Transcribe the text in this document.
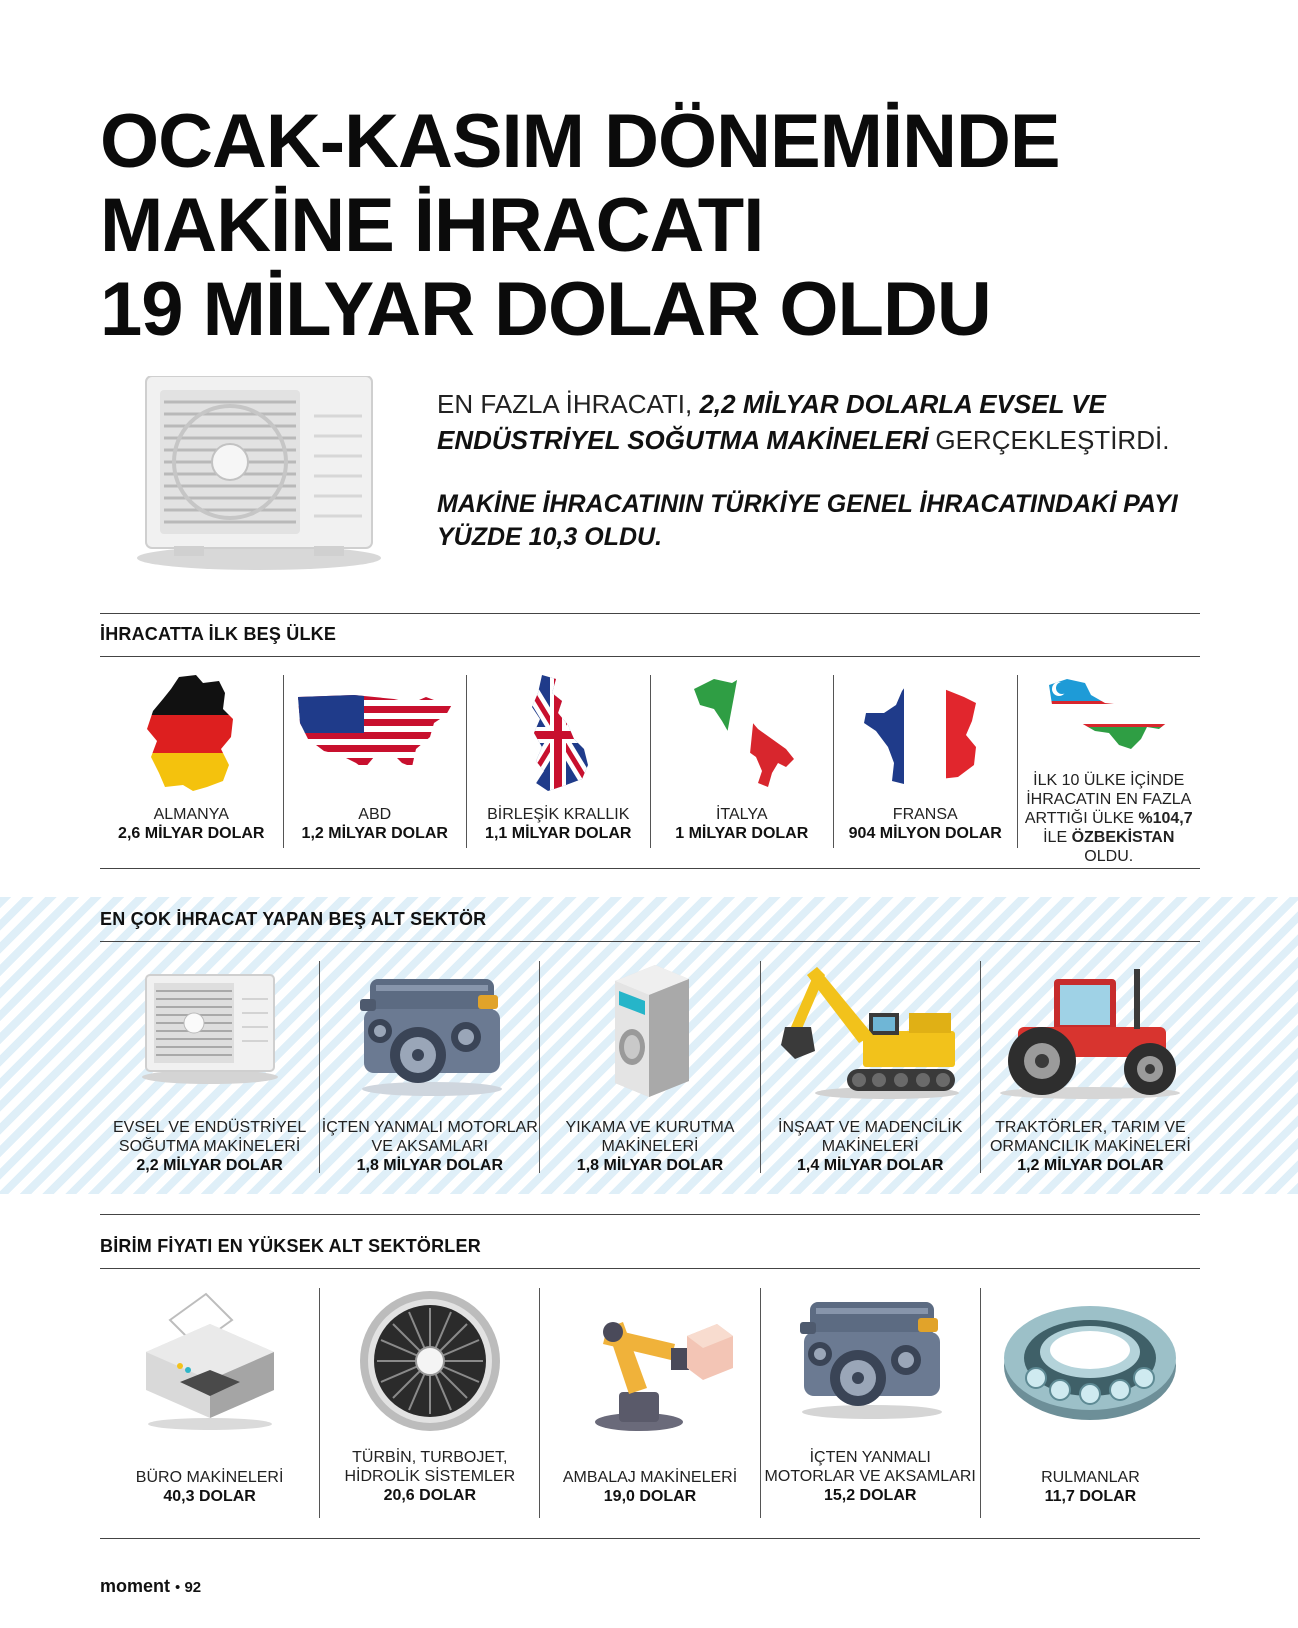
OCAK-KASIM DÖNEMİNDE
MAKİNE İHRACATI
19 MİLYAR DOLAR OLDU

EN FAZLA İHRACATI, 2,2 MİLYAR DOLARLA EVSEL VE ENDÜSTRİYEL SOĞUTMA MAKİNELERİ GERÇEKLEŞTİRDİ.

MAKİNE İHRACATININ TÜRKİYE GENEL İHRACATINDAKİ PAYI YÜZDE 10,3 OLDU.

İHRACATTA İLK BEŞ ÜLKE
ALMANYA
2,6 MİLYAR DOLAR
ABD
1,2 MİLYAR DOLAR
BİRLEŞİK KRALLIK
1,1 MİLYAR DOLAR
İTALYA
1 MİLYAR DOLAR
FRANSA
904 MİLYON DOLAR
İLK 10 ÜLKE İÇİNDE
İHRACATIN EN FAZLA
ARTTIĞI ÜLKE %104,7
İLE ÖZBEKİSTAN OLDU.
EN ÇOK İHRACAT YAPAN BEŞ ALT SEKTÖR
EVSEL VE ENDÜSTRİYEL
SOĞUTMA MAKİNELERİ
2,2 MİLYAR DOLAR
İÇTEN YANMALI MOTORLAR
VE AKSAMLARI
1,8 MİLYAR DOLAR
YIKAMA VE KURUTMA
MAKİNELERİ
1,8 MİLYAR DOLAR
İNŞAAT VE MADENCİLİK
MAKİNELERİ
1,4 MİLYAR DOLAR
TRAKTÖRLER, TARIM VE
ORMANCILIK MAKİNELERİ
1,2 MİLYAR DOLAR
BİRİM FİYATI EN YÜKSEK ALT SEKTÖRLER
BÜRO MAKİNELERİ
40,3 DOLAR
TÜRBİN, TURBOJET,
HİDROLİK SİSTEMLER
20,6 DOLAR
AMBALAJ MAKİNELERİ
19,0 DOLAR
İÇTEN YANMALI
MOTORLAR VE AKSAMLARI
15,2 DOLAR
RULMANLAR
11,7 DOLAR
moment • 92
